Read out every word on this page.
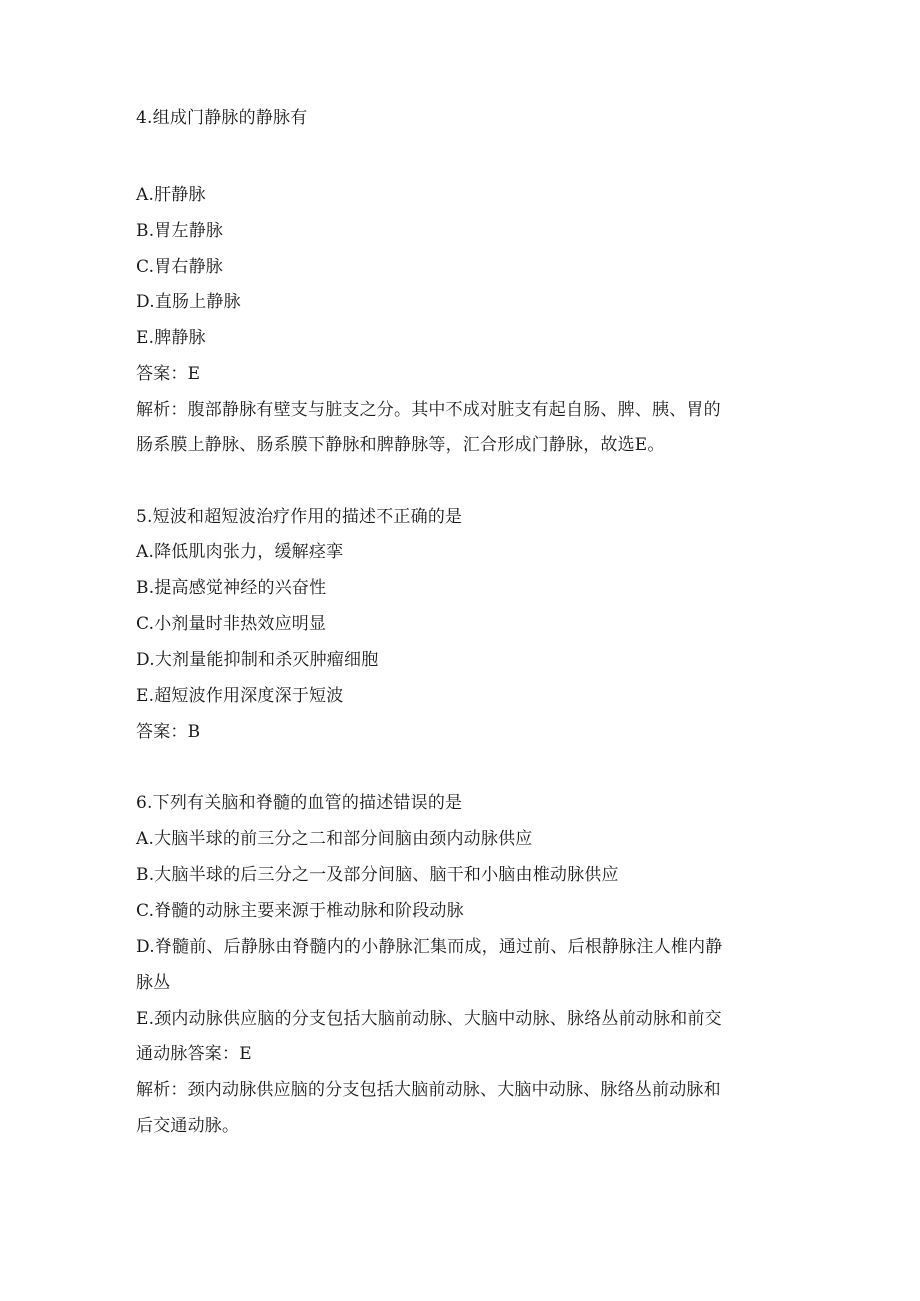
4.组成门静脉的静脉有
A.肝静脉
B.胃左静脉
C.胃右静脉
D.直肠上静脉
E.脾静脉
答案：E
解析：腹部静脉有壁支与脏支之分。其中不成对脏支有起自肠、脾、胰、胃的
肠系膜上静脉、肠系膜下静脉和脾静脉等，汇合形成门静脉，故选E。
5.短波和超短波治疗作用的描述不正确的是
A.降低肌肉张力，缓解痉挛
B.提高感觉神经的兴奋性
C.小剂量时非热效应明显
D.大剂量能抑制和杀灭肿瘤细胞
E.超短波作用深度深于短波
答案：B
6.下列有关脑和脊髓的血管的描述错误的是
A.大脑半球的前三分之二和部分间脑由颈内动脉供应
B.大脑半球的后三分之一及部分间脑、脑干和小脑由椎动脉供应
C.脊髓的动脉主要来源于椎动脉和阶段动脉
D.脊髓前、后静脉由脊髓内的小静脉汇集而成，通过前、后根静脉注人椎内静
脉丛
E.颈内动脉供应脑的分支包括大脑前动脉、大脑中动脉、脉络丛前动脉和前交
通动脉答案：E
解析：颈内动脉供应脑的分支包括大脑前动脉、大脑中动脉、脉络丛前动脉和
后交通动脉。
